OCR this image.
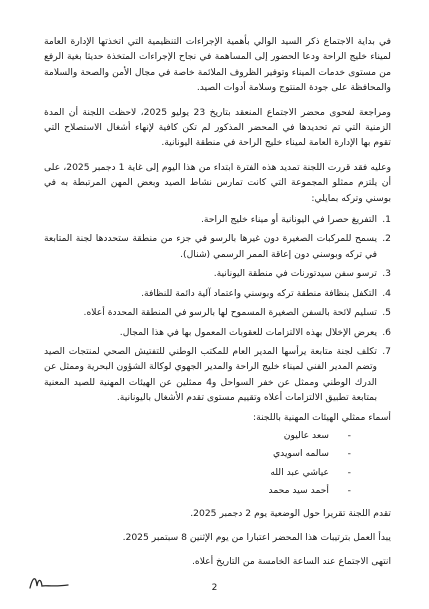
في بداية الاجتماع ذكر السيد الوالي بأهمية الإجراءات التنظيمية التي اتخذتها الإدارة العامة لميناء خليج الراحة ودعا الحضور إلى المساهمة في نجاح الإجراءات المتخذة حديثا بغية الرفع من مستوى خدمات الميناء وتوفير الظروف الملائمة خاصة في مجال الأمن والصحة والسلامة والمحافظة على جودة المنتوج وسلامة أدوات الصيد.

ومراجعة لفحوى محضر الاجتماع المنعقد بتاريخ 23 يوليو 2025، لاحظت اللجنة أن المدة الزمنية التي تم تحديدها في المحضر المذكور لم تكن كافية لإنهاء أشغال الاستصلاح التي تقوم بها الإدارة العامة لميناء خليج الراحة في منطقة اليونانية.

وعليه فقد قررت اللجنة تمديد هذه الفترة ابتداء من هذا اليوم إلى غاية 1 دجمبر 2025، على أن يلتزم ممثلو المجموعة التي كانت تمارس نشاط الصيد وبعض المهن المرتبطة به في بوسني وتركه بمايلي:

1.
التفريغ حصرا في اليونانية أو ميناء خليج الراحة.
2.
يسمح للمركبات الصغيرة دون غيرها بالرسو في جزء من منطقة ستحددها لجنة المتابعة في تركه وبوسني دون إعاقة الممر الرسمي (شنال).
3.
ترسو سفن سيدتورنات في منطقة اليونانية.
4.
التكفل بنظافة منطقة تركه وبوسني واعتماد آلية دائمة للنظافة.
5.
تسليم لائحة بالسفن الصغيرة المسموح لها بالرسو في المنطقة المحددة أعلاه.
6.
يعرض الإخلال بهذه الالتزامات للعقوبات المعمول بها في هذا المجال.
7.
تكلف لجنة متابعة يرأسها المدير العام للمكتب الوطني للتفتيش الصحي لمنتجات الصيد وتضم المدير الفني لميناء خليج الراحة والمدير الجهوي لوكالة الشؤون البحرية وممثل عن الدرك الوطني وممثل عن خفر السواحل و4 ممثلين عن الهيئات المهنية للصيد المعنية بمتابعة تطبيق الالتزامات أعلاه وتقييم مستوى تقدم الأشغال باليونانية.

أسماء ممثلي الهيئات المهنية باللجنة:

-
سعد عاليون
-
سالمه اسويدي
-
عياشي عبد الله
-
أحمد سيد محمد

تقدم اللجنة تقريرا حول الوضعية يوم 2 دجمبر 2025.

يبدأ العمل بترتيبات هذا المحضر اعتبارا من يوم الإثنين 8 سبتمبر 2025.

انتهى الاجتماع عند الساعة الخامسة من التاريخ أعلاه.

2
